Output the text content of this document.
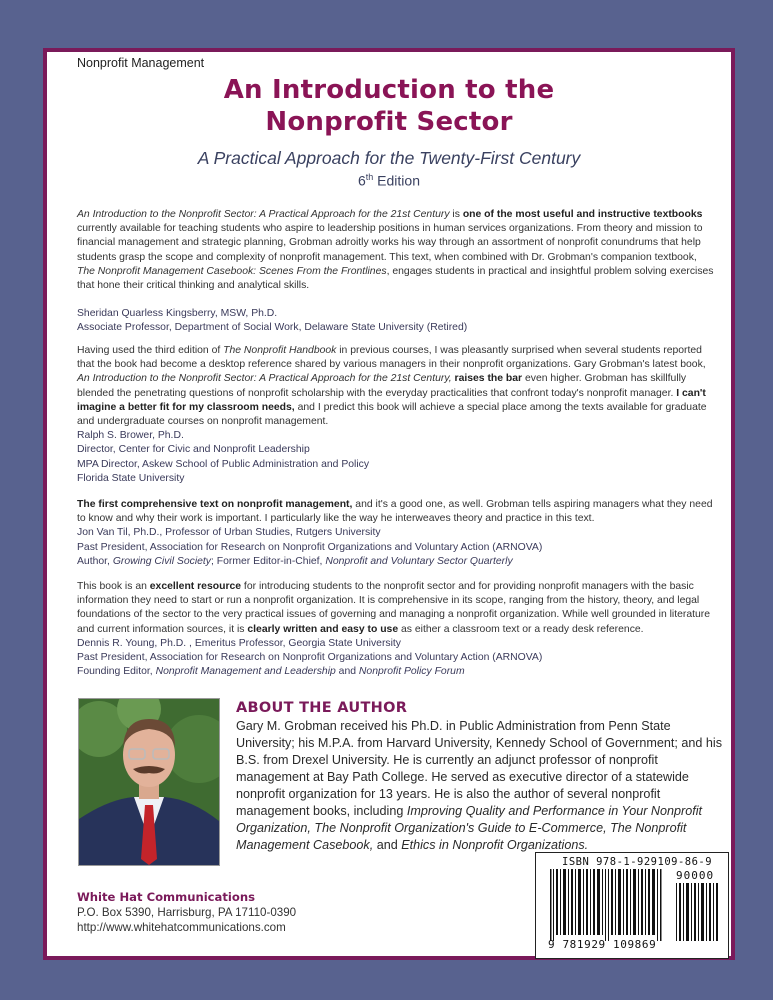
Nonprofit Management
An Introduction to the
Nonprofit Sector
A Practical Approach for the Twenty-First Century
6th Edition

An Introduction to the Nonprofit Sector: A Practical Approach for the 21st Century is one of the most useful and instructive textbooks currently available for teaching students who aspire to leadership positions in human services organizations. From theory and mission to financial management and strategic planning, Grobman adroitly works his way through an assortment of nonprofit conundrums that help students grasp the scope and complexity of nonprofit management. This text, when combined with Dr. Grobman's companion textbook, The Nonprofit Management Casebook: Scenes From the Frontlines, engages students in practical and insightful problem solving exercises that hone their critical thinking and analytical skills.

Sheridan Quarless Kingsberry, MSW, Ph.D.
Associate Professor, Department of Social Work, Delaware State University (Retired)

Having used the third edition of The Nonprofit Handbook in previous courses, I was pleasantly surprised when several students reported that the book had become a desktop reference shared by various managers in their nonprofit organizations. Gary Grobman's latest book, An Introduction to the Nonprofit Sector: A Practical Approach for the 21st Century, raises the bar even higher. Grobman has skillfully blended the penetrating questions of nonprofit scholarship with the everyday practicalities that confront today's nonprofit manager. I can't imagine a better fit for my classroom needs, and I predict this book will achieve a special place among the texts available for graduate and undergraduate courses on nonprofit management.

Ralph S. Brower, Ph.D.
Director, Center for Civic and Nonprofit Leadership
MPA Director, Askew School of Public Administration and Policy
Florida State University

The first comprehensive text on nonprofit management, and it's a good one, as well. Grobman tells aspiring managers what they need to know and why their work is important. I particularly like the way he interweaves theory and practice in this text.

Jon Van Til, Ph.D., Professor of Urban Studies, Rutgers University
Past President, Association for Research on Nonprofit Organizations and Voluntary Action (ARNOVA)
Author, Growing Civil Society; Former Editor-in-Chief, Nonprofit and Voluntary Sector Quarterly

This book is an excellent resource for introducing students to the nonprofit sector and for providing nonprofit managers with the basic information they need to start or run a nonprofit organization. It is comprehensive in its scope, ranging from the history, theory, and legal foundations of the sector to the very practical issues of governing and managing a nonprofit organization. While well grounded in literature and current information sources, it is clearly written and easy to use as either a classroom text or a ready desk reference.

Dennis R. Young, Ph.D. , Emeritus Professor, Georgia State University
Past President, Association for Research on Nonprofit Organizations and Voluntary Action (ARNOVA)
Founding Editor, Nonprofit Management and Leadership and Nonprofit Policy Forum

ABOUT THE AUTHOR
Gary M. Grobman received his Ph.D. in Public Administration from Penn State University; his M.P.A. from Harvard University, Kennedy School of Government; and his B.S. from Drexel University. He is currently an adjunct professor of nonprofit management at Bay Path College. He served as executive director of a statewide nonprofit organization for 13 years. He is also the author of several nonprofit management books, including Improving Quality and Performance in Your Nonprofit Organization, The Nonprofit Organization's Guide to E-Commerce, The Nonprofit Management Casebook, and Ethics in Nonprofit Organizations.
White Hat Communications
P.O. Box 5390, Harrisburg, PA 17110-0390
http://www.whitehatcommunications.com
ISBN 978-1-929109-86-9
90000
9 781929 109869
